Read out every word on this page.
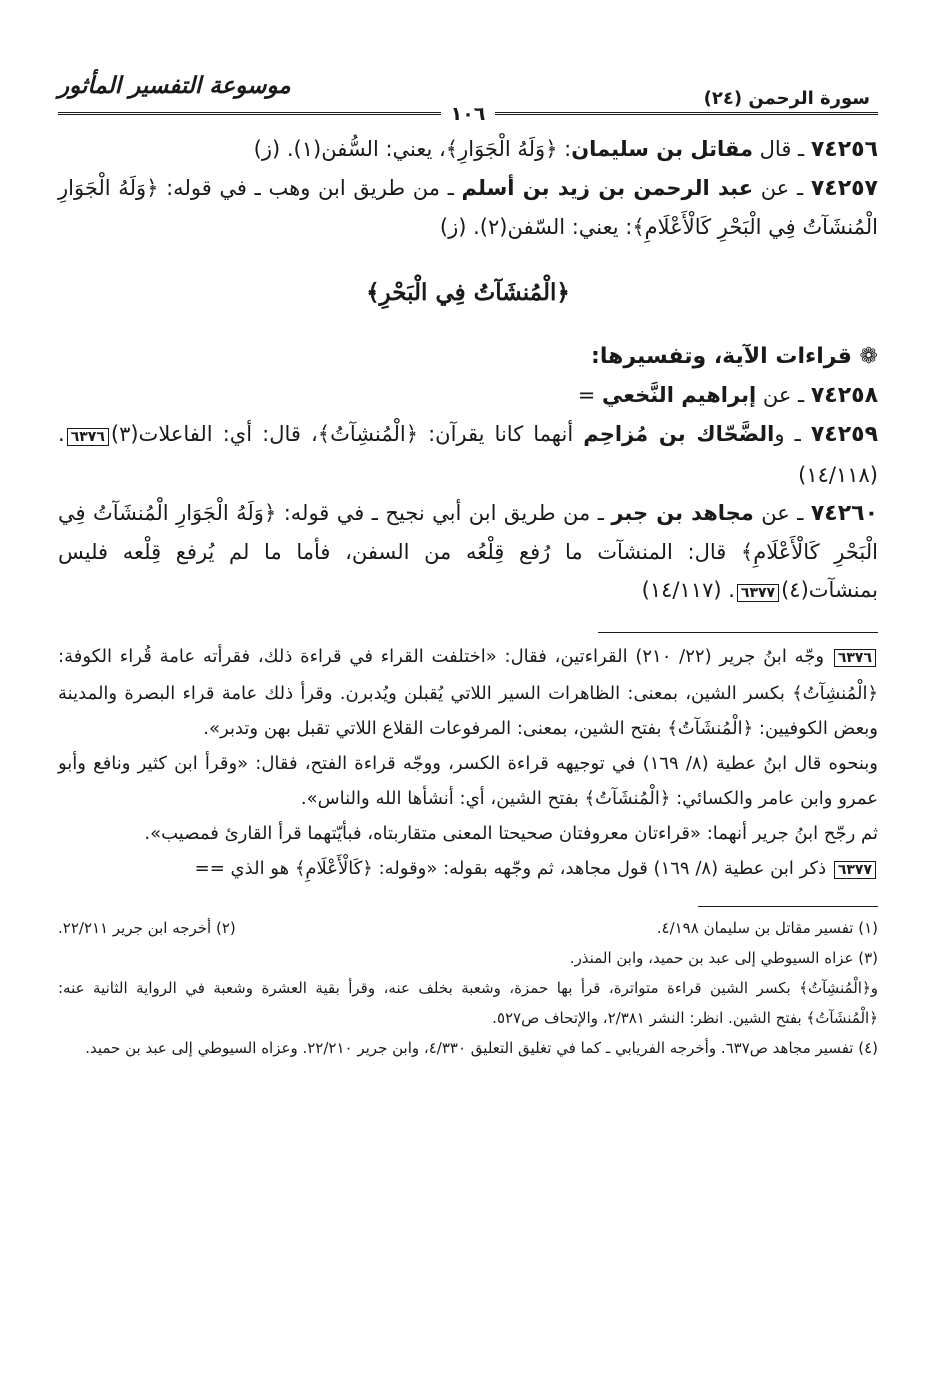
موسوعة التفسير المأثور	سورة الرحمن (٢٤)
١٠٦

٧٤٢٥٦ ـ قال مقاتل بن سليمان: ﴿وَلَهُ الْجَوَارِ﴾، يعني: السُّفن(١). (ز)

٧٤٢٥٧ ـ عن عبد الرحمن بن زيد بن أسلم ـ من طريق ابن وهب ـ في قوله: ﴿وَلَهُ الْجَوَارِ الْمُنشَآتُ فِي الْبَحْرِ كَالْأَعْلَامِ﴾: يعني: السّفن(٢). (ز)

﴿الْمُنشَآتُ فِي الْبَحْرِ﴾
❁ قراءات الآية، وتفسيرها:

٧٤٢٥٨ ـ عن إبراهيم النَّخعي =

٧٤٢٥٩ ـ والضَّحّاك بن مُزاحِم أنهما كانا يقرآن: ﴿الْمُنشِآتُ﴾، قال: أي: الفاعلات(٣)٦٣٧٦. (١٤/١١٨)

٧٤٢٦٠ ـ عن مجاهد بن جبر ـ من طريق ابن أبي نجيح ـ في قوله: ﴿وَلَهُ الْجَوَارِ الْمُنشَآتُ فِي الْبَحْرِ كَالْأَعْلَامِ﴾ قال: المنشآت ما رُفع قِلْعُه من السفن، فأما ما لم يُرفع قِلْعه فليس بمنشآت(٤)٦٣٧٧. (١٤/١١٧)

٦٣٧٦ وجّه ابنُ جرير (٢٢/ ٢١٠) القراءتين، فقال: «اختلفت القراء في قراءة ذلك، فقرأته عامة قُراء الكوفة: ﴿الْمُنشِآتُ﴾ بكسر الشين، بمعنى: الظاهرات السير اللاتي يُقبلن ويُدبرن. وقرأ ذلك عامة قراء البصرة والمدينة وبعض الكوفيين: ﴿الْمُنشَآتُ﴾ بفتح الشين، بمعنى: المرفوعات القلاع اللاتي تقبل بهن وتدبر».

وبنحوه قال ابنُ عطية (٨/ ١٦٩) في توجيهه قراءة الكسر، ووجّه قراءة الفتح، فقال: «وقرأ ابن كثير ونافع وأبو عمرو وابن عامر والكسائي: ﴿الْمُنشَآتُ﴾ بفتح الشين، أي: أنشأها الله والناس».

ثم رجّح ابنُ جرير أنهما: «قراءتان معروفتان صحيحتا المعنى متقاربتاه، فبأيّتهما قرأ القارئ فمصيب».

٦٣٧٧ ذكر ابن عطية (٨/ ١٦٩) قول مجاهد، ثم وجّهه بقوله: «وقوله: ﴿كَالْأَعْلَامِ﴾ هو الذي ==

(١) تفسير مقاتل بن سليمان ٤/١٩٨.
(٢) أخرجه ابن جرير ٢٢/٢١١.

(٣) عزاه السيوطي إلى عبد بن حميد، وابن المنذر.

و﴿الْمُنشِآتُ﴾ بكسر الشين قراءة متواترة، قرأ بها حمزة، وشعبة بخلف عنه، وقرأ بقية العشرة وشعبة في الرواية الثانية عنه: ﴿الْمُنشَآتُ﴾ بفتح الشين. انظر: النشر ٢/٣٨١، والإتحاف ص٥٢٧.

(٤) تفسير مجاهد ص٦٣٧. وأخرجه الفريابي ـ كما في تغليق التعليق ٤/٣٣٠، وابن جرير ٢٢/٢١٠. وعزاه السيوطي إلى عبد بن حميد.
